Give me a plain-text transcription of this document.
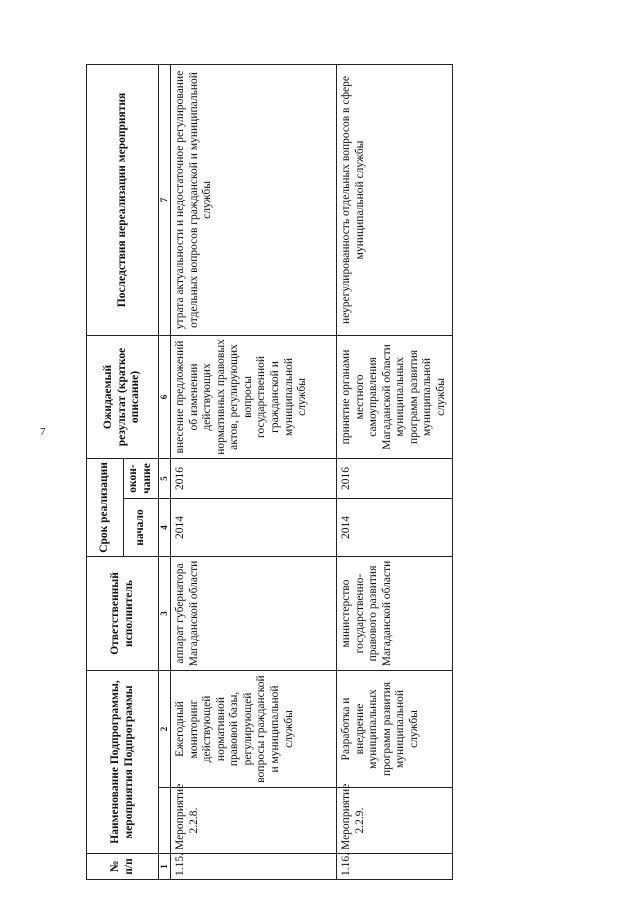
7
№ п/п	Наименование Подпрограммы, мероприятия Подпрограммы		Ответственный исполнитель	Срок реализации		Ожидаемый результат (краткое описание)	Последствия нереализации мероприятия
				начало	окон-чание		
1		2	3	4	5	6	7
1.15.	Мероприятие 2.2.8.	Ежегодный мониторинг действующей нормативной правовой базы, регулирующей вопросы гражданской и муниципальной службы	аппарат губернатора Магаданской области	2014	2016	внесение предложений об изменении действующих нормативных правовых актов, регулирующих вопросы государственной гражданской и муниципальной службы	утрата актуальности и недостаточное регулирование отдельных вопросов гражданской и муниципальной службы
1.16.	Мероприятие 2.2.9.	Разработка и внедрение муниципальных программ развития муниципальной службы	министерство государственно-правового развития Магаданской области	2014	2016	принятие органами местного самоуправления Магаданской области муниципальных программ развития муниципальной службы	неурегулированность отдельных вопросов в сфере муниципальной службы
